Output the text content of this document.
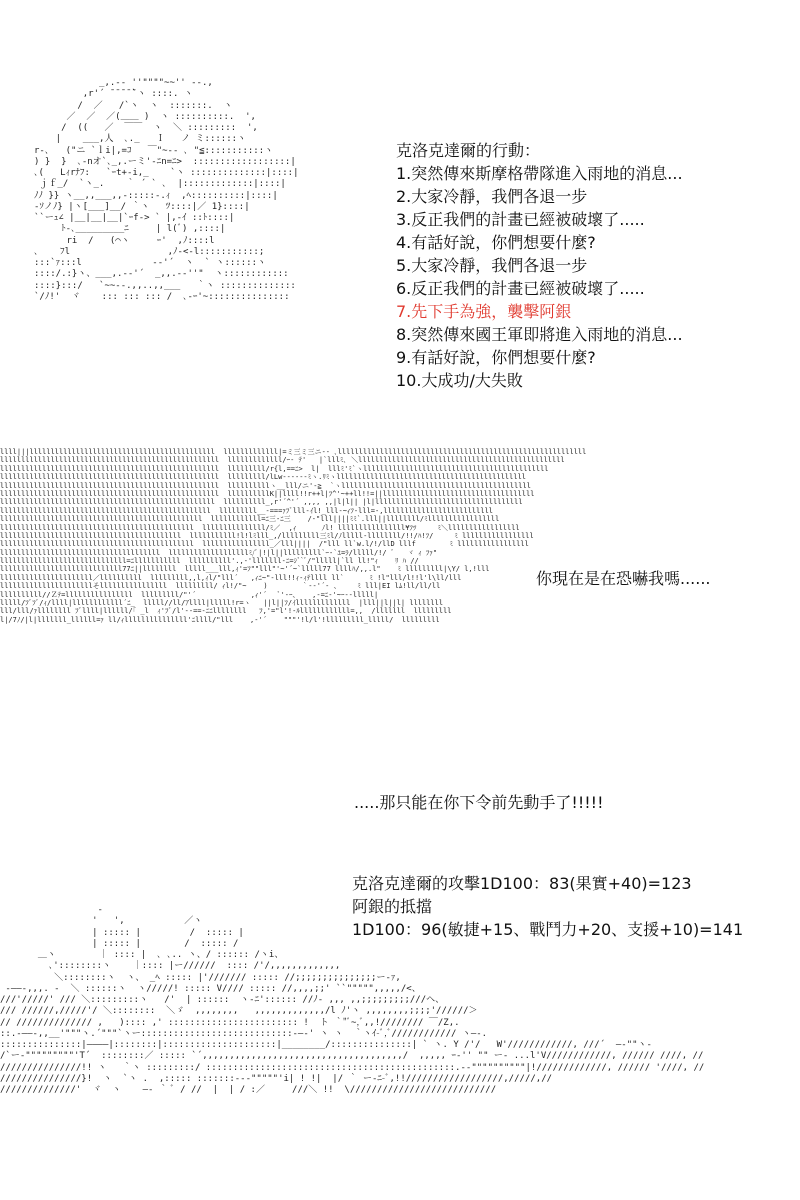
_,.-‐ ''""""~~'' ‐-.,
,r'´ ̄ ̄ ̄ ̄ ̄`ヽ ::::. ヽ
/  ／   /`ヽ  ヽ  :::::::.  ヽ
／  ／  ／(＿＿ )  ヽ ::::::::::.  ',
/  ((   ／  ￣￣  ヽ  ＼ :::::::::  ',
|    ___,人  ､._   Ｉ   ノ ミ::::::ヽ
r‐､   ("ニ `ｌi|,=ｺ   ￣"~‐- ､ "≦:::::::::::ヽ
) }  }  ､‐nオ`､_,.ーミ'‐ﾆn=ﾆ>  ::::::::::::::::::|
､(   Lｨrﾅﾌ:   `ｰt+‐i,_    `ヽ ::::::::::::::|::::|
ｊｆ_/  `ヽ_.    ｀ ´ ` ､  |:::::::::::::|::::|
ﾉﾉ }} ヽ__,,___,,-:::::-.ｨ  ,ﾍ::::::::::|::::|
-ｿノﾉ} |ヽ[___]__/ ｀ヽ   ﾂ::::|／ 1}::::|
``ーｭ∠ |__|__|__|`ｰf-> ` |,-ｲ ::ﾄ::::|
ﾄ-､_________ﾆ     | l(ﾞ) ,::::|
ri  /   (⌒ヽ     ｰ'  ,ﾉ::::l
､    ﾌl                  ,ﾉ-<-l:::::::::::;
:::`ｧ:::l             -‐'´  ヽ  ` ヽ::::::ヽ
::::/.:}ヽ、___,.-‐'´  _,,.-‐''"  ヽ::::::::::::
::::}:::/   `~~‐-.,,..,,___   ｀ヽ ::::::::::::::
`/ﾉ!'  ヾ    ::: ::: ::: /  ､-ｰ'~:::::::::::::::
llll|||llllllllllllllllllllllllllllllllllllllllllll  lllllllllllll|=ミ三ミ三ニ-‐ ､lllllllllllllllllllllllllllllllllllllllllllllllllllllllllll
llllllllllllllllllllllllllllllllllllllllllllllllllll  lllllllllllll/ｰ‐ ﾃ'   |`lllﾐ､ ＼lllllllllllllllllllllllllllllllllllllllllllllllll
llllllllllllllllllllllllllllllllllllllllllllllllllll  lllllllll/r{l,==ﾆ>  l|  lllﾐ'ﾐ`ヽllllllllllllllllllllllllllllllllllllllllllll
llllllllllllllllllllllllllllllllllllllllllllllllllll  lllllllll/lLw-‐-‐--ﾐヽ.ﾘﾐヽlllllllllllllllllllllllllllllllllllllllllllll
llllllllllllllllllllllllllllllllllllllllllllllllllll  llllllllllヽ__lll/ニ'-≧  `ヽlllllllllllllllllllllllllllllllllllllllllllll
llllllllllllllllllllllllllllllllllllllllllllllllllll  llllllllllK||llll!!r++l|ﾌ^'~++ll!!=||llllllllllllllllllllllllllllllllllll
lllllllllllllllllllllllllllllllllllllllllllllllllll  llllllllll_,r'´^'´ ,,,, ,,|l|l|| |l|lllllllllllllllllllllllllllllllllll
llllllllllllllllllllllllllllllllllllllllllllllllll  lllllllll__-===ｧﾌﾞlll-ｲl!_lll-~ｨﾌ-lll=-,llllllllllllllllllllllllll
llllllllllllllllllllllllllllllllllllllllllllllll  llllllllllll=ﾆ三-ﾆ三    /-"lll||||ﾐﾐ`.lll||llllllll/ﾐlllllllllllllllll
llllllllllllllllllllllllllllllllllllllllllllll  lllllllllllllll/ﾐ／  ,ｨ      ﾉl! llllllllllllllll¥ﾌﾂ     ﾐ＼lllllllllllllllll
lllllllllllllllllllllllllllllllllllllllllll  lllllllllll!l!lﾐlll_,/lllllllll三ﾐl/ﾉlllll-llllllll/!!/ﾊ!ﾌ/     ﾐ lllllllllllllllll
llllllllllllllllllllllllllllllllllllllllllllll  llllllllllllllll_／lll||||  /"lll ll`w.l/!/llD lllf        ﾐ lllllllllllllllll
llllllllllllllllllllllllllllllllllllll  lllllllllllllllllllﾐ/ﾞ|!|l||lllllllll`ｰ-`ﾕ=ﾗ/lllll/!/ ﾞ   ヾ ｨ ﾌｧ"
llllllllllllllllllllllllllllll=ﾆlllllllllll  llllllllll'.,-'lllllll-ﾆ=ｼﾞ`ﾞ/"lllll|`ll ll!"ｨ    ﾘ ﾊ //
lllllllllllllllllllllllllllll77ﾆ||llllllll  lllll___lll,ｨ'=ﾌ""lll"'~'´~`lllll77 llllﾊ/,,.l"    ﾐ lllllllll|\Y/ l,!lll
llllllllllllllllllllll／llllllllll  lllllllll,,l,ｨl/"lll´   ,ｨﾆ~"-lll!!ｨ-ｨﾃllll ll`      ﾐ !l"lll/l!!l'l\ll/lll
llllllllllllllllllllllそllllllllllllllll  lllllllll/ ｨl!/"~    )        ｀-‐'´- 、    ﾐ lll|EI lﾑ!ll/ll/ll
llllllllll//Ｚﾃ=llllllllllllllll  lllllllll/"'´             ,ｨ'´   ﾞ'-ｰ、   ,-=ﾆ-'~ｰ‐-lllll|
lllll/ﾌﾞﾌﾞ/ｨ/llll|llllllllllll´ﾆ_  lllll//ll/ｱllll|lllll!r=ヽ   ||l||ﾌ/ｲlllllllllllll  |lll||l||l| llllllll
lll/lll/ｧllllllll ﾌﾞllll|llllll/｢ _l  ｨ'ﾌﾞ/l'--==-ﾆﾆllllllll   ﾌ,'="l'!-ﾙllllllllllll=,,  /lllllll  lllllllll
l|/7ﾉ/|l|lllllll_llllll=ｧ ll/ｨlllllllllllllll'ﾆllll/"lll    ,-'´    """'!l/l'!lllllllll_lllll/  lllllllll
-
'   ',           ／ヽ
| ::::: |         /  ::::: |
| ::::: |        /  ::::: /
＿ヽ        ｜ :::: |  ､ ､.. ヽ、/ :::::: /ヽi、
､'::::::::ヽ    ｜:::: |ー//////  :::: /'/,,,,,,,,,,,,,
＼::::::::ヽ  ヽ、 _ﾍ ::::: |'/////// ::::: //;;;;;;;;;;;;;;;ー-ｧ,
-――-,,,. -  ＼ ::::::ヽ  ヽ/////! ::::: V//// ::::: //,,,,;;' ``""""",,,,,/<、
///'/////' /// ＼:::::::::ヽ   /'  | ::::::  ヽ-ﾆ':::::: //ﾉ- ,,, ,,;;;;;;;;;///ヘ、
/// //////,/////'/ ＼::::::::  ＼ゞ  ,,,,,,,,   ,,,,,,,,,,,,,/l ﾉ'ヽ ,,,,,,,,;;;;'//////＞
// ////////////// ,   ):::: ,' :::::::::::::::::::::::: !  ト ｀"ﾞ~,ﾞ,,!//////// ￣/Z,.
::.-――-,,__'"""ヽ.´"""`ヽー::::::::::::::::::::::::::::-―-' ヽ ヽ  ｀ヽｲ-ﾞ,ﾞ//////////// ヽ―-.
:::::::::::::::|――――|::::::::|:::::::::::::::::::::|________/:::::::::::::::| ` ヽ. Y /'/   W'////////////, ///´  ―‐""ヽ‐
/`ー‐"""""""""'T´  ::::::::／ ::::: `´,,,,,,,,,,,,,,,,,,,,,,,,,,,,,,,,,,,,,/  ,,,,, ｰ-'' "" ー‐ ...l'V////////////, ////// ////, //
///////////////!! ヽ   ｀ヽ :::::::::/ ::::::::::::::::::::::::::::::::::::::::::::::.-‐""""""""""|!/////////////, ////// '////, //
///////////////}!  ヽ  `ヽ .  ,::::: :::::::--‐"""""'i| ! !|  |/ ｀ ー‐ﾆ-ﾞ,!!//////////////////,/////,//
//////////////'  ヾ  ヽ    ―‐ ｀ ﾞ / //  |  | / :／     ///＼ !!  \///////////////////////////
克洛克達爾的行動：
1.突然傳來斯摩格帶隊進入雨地的消息...
2.大家冷靜，我們各退一步
3.反正我們的計畫已經被破壞了.....
4.有話好說，你們想要什麼?
5.大家冷靜，我們各退一步
6.反正我們的計畫已經被破壞了.....
7.先下手為強，襲擊阿銀
8.突然傳來國王軍即將進入雨地的消息...
9.有話好說，你們想要什麼?
10.大成功/大失敗
你現在是在恐嚇我嗎......
.....那只能在你下令前先動手了!!!!!
克洛克達爾的攻擊1D100：83(果實+40)=123
阿銀的抵擋
1D100：96(敏捷+15、戰鬥力+20、支援+10)=141
